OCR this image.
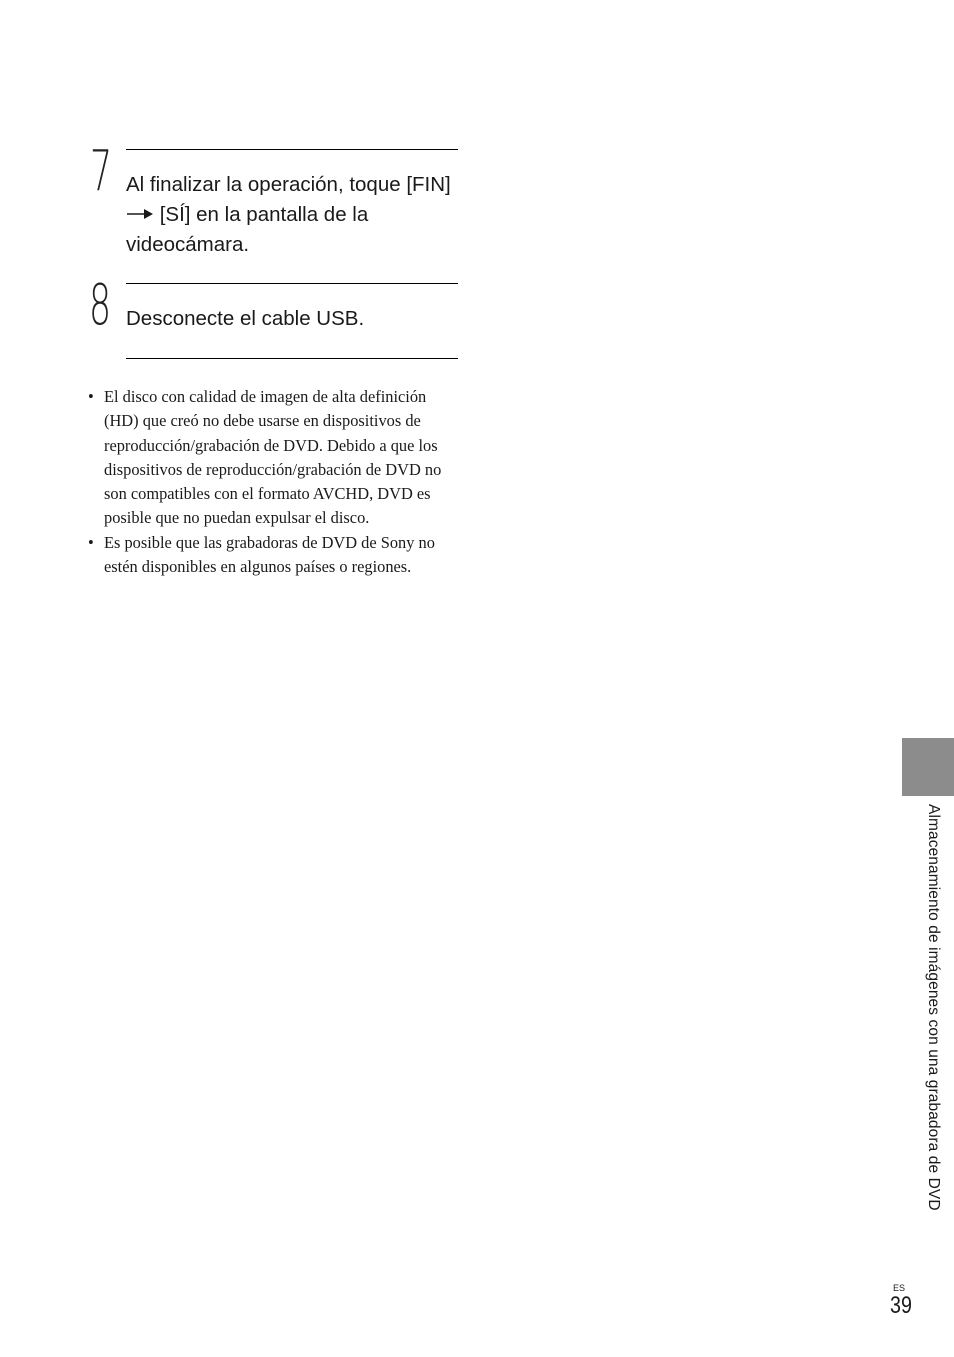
7 Al finalizar la operación, toque [FIN]  [SÍ] en la pantalla de la videocámara.
8 Desconecte el cable USB.
• El disco con calidad de imagen de alta definición (HD) que creó no debe usarse en dispositivos de reproducción/grabación de DVD. Debido a que los dispositivos de reproducción/grabación de DVD no son compatibles con el formato AVCHD, DVD es posible que no puedan expulsar el disco.
• Es posible que las grabadoras de DVD de Sony no estén disponibles en algunos países o regiones.
Almacenamiento de imágenes con una grabadora de DVD
ES
39
